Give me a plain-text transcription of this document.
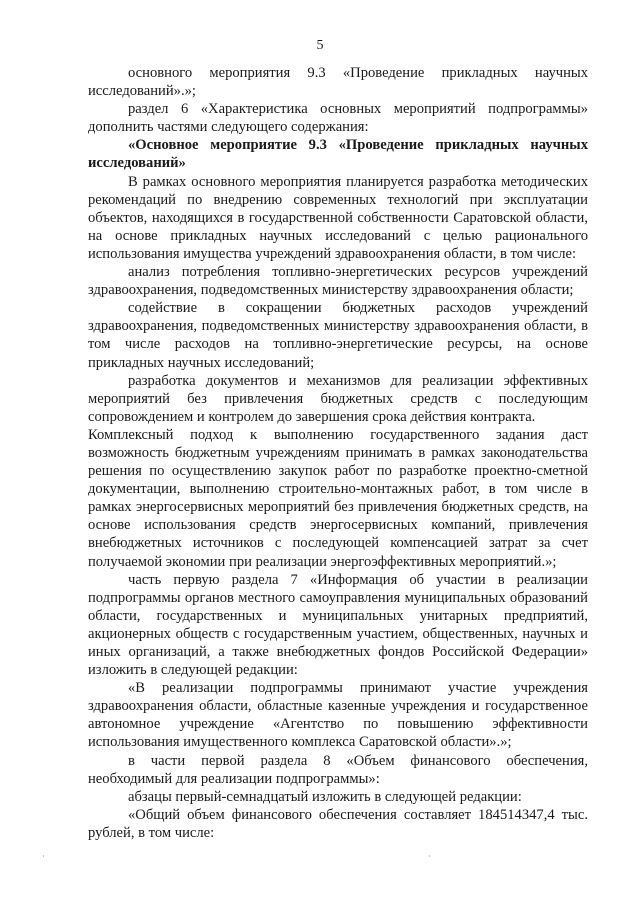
5

основного мероприятия 9.3 «Проведение прикладных научных исследований».»;

раздел 6 «Характеристика основных мероприятий подпрограммы» дополнить частями следующего содержания:

«Основное мероприятие 9.3 «Проведение прикладных научных исследований»

В рамках основного мероприятия планируется разработка методических рекомендаций по внедрению современных технологий при эксплуатации объектов, находящихся в государственной собственности Саратовской области, на основе прикладных научных исследований с целью рационального использования имущества учреждений здравоохранения области, в том числе:

анализ потребления топливно-энергетических ресурсов учреждений здравоохранения, подведомственных министерству здравоохранения области;

содействие в сокращении бюджетных расходов учреждений здравоохранения, подведомственных министерству здравоохранения области, в том числе расходов на топливно-энергетические ресурсы, на основе прикладных научных исследований;

разработка документов и механизмов для реализации эффективных мероприятий без привлечения бюджетных средств с последующим сопровождением и контролем до завершения срока действия контракта.

Комплексный подход к выполнению государственного задания даст возможность бюджетным учреждениям принимать в рамках законодательства решения по осуществлению закупок работ по разработке проектно-сметной документации, выполнению строительно-монтажных работ, в том числе в рамках энергосервисных мероприятий без привлечения бюджетных средств, на основе использования средств энергосервисных компаний, привлечения внебюджетных источников с последующей компенсацией затрат за счет получаемой экономии при реализации энергоэффективных мероприятий.»;

часть первую раздела 7 «Информация об участии в реализации подпрограммы органов местного самоуправления муниципальных образований области, государственных и муниципальных унитарных предприятий, акционерных обществ с государственным участием, общественных, научных и иных организаций, а также внебюджетных фондов Российской Федерации» изложить в следующей редакции:

«В реализации подпрограммы принимают участие учреждения здравоохранения области, областные казенные учреждения и государственное автономное учреждение «Агентство по повышению эффективности использования имущественного комплекса Саратовской области».»;

в части первой раздела 8 «Объем финансового обеспечения, необходимый для реализации подпрограммы»:

абзацы первый-семнадцатый изложить в следующей редакции:

«Общий объем финансового обеспечения составляет 184514347,4 тыс. рублей, в том числе:

·	·
